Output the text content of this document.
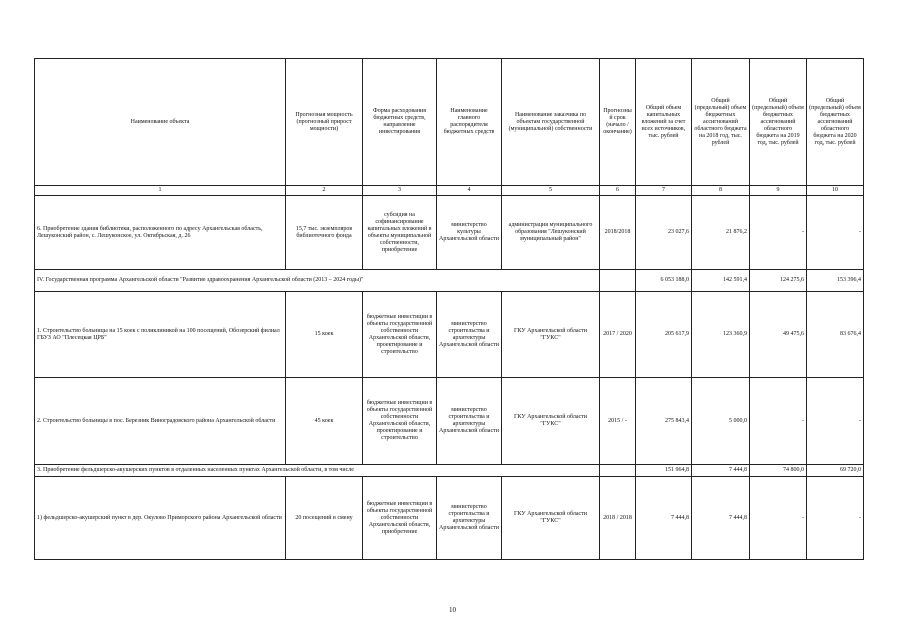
Наименование объекта	Прогнозная мощность (прогнозный прирост мощности)	Форма расходования бюджетных средств, направление инвестирования	Наименование главного распорядителя бюджетных средств	Наименование заказчика по объектам государственной (муниципальной) собственности	Прогнозный срок (начало / окончание)	Общий объем капитальных вложений за счет всех источников, тыс. рублей	Общий (предельный) объем бюджетных ассигнований областного бюджета на 2018 год, тыс. рублей	Общий (предельный) объем бюджетных ассигнований областного бюджета на 2019 год, тыс. рублей	Общий (предельный) объем бюджетных ассигнований областного бюджета на 2020 год, тыс. рублей
1	2	3	4	5	6	7	8	9	10
6. Приобретение здания библиотеки, расположенного по адресу Архангельская область, Лешуконский район, с. Лешуконское, ул. Октябрьская, д. 26	15,7 тыс. экземпляров библиотечного фонда	субсидия на софинансирование капитальных вложений в объекты муниципальной собственности, приобретение	министерство культуры Архангельской области	администрация муниципального образования "Лешуконский муниципальный район"	2018/2018	23 027,6	21 876,2	-	-
IV. Государственная программа Архангельской области "Развитие здравоохранения Архангельской области (2013 – 2024 годы)"						6 053 188,0	142 591,4	124 275,6	153 396,4
1. Строительство больницы на 15 коек с поликлиникой на 100 посещений, Обозерский филиал ГБУЗ АО "Плесецкая ЦРБ"	15 коек	бюджетные инвестиции в объекты государственной собственности Архангельской области, проектирование и строительство	министерство строительства и архитектуры Архангельской области	ГКУ Архангельской области "ГУКС"	2017 / 2020	205 617,9	123 360,9	49 475,6	83 676,4
2. Строительство больницы в пос. Березник Виноградовского района Архангельской области	45 коек	бюджетные инвестиции в объекты государственной собственности Архангельской области, проектирование и строительство	министерство строительства и архитектуры Архангельской области	ГКУ Архангельской области "ГУКС"	2015 / -	275 843,4	5 000,0	-	-
3. Приобретение фельдшерско-акушерских пунктов в отдаленных населенных пунктах Архангельской области, в том числе						151 964,8	7 444,8	74 800,0	69 720,0
1) фельдшерско-акушерский пункт в дер. Окулово Приморского района Архангельской области	20 посещений в смену	бюджетные инвестиции в объекты государственной собственности Архангельской области, приобретение	министерство строительства и архитектуры Архангельской области	ГКУ Архангельской области "ГУКС"	2018 / 2018	7 444,8	7 444,8	-	-
10
